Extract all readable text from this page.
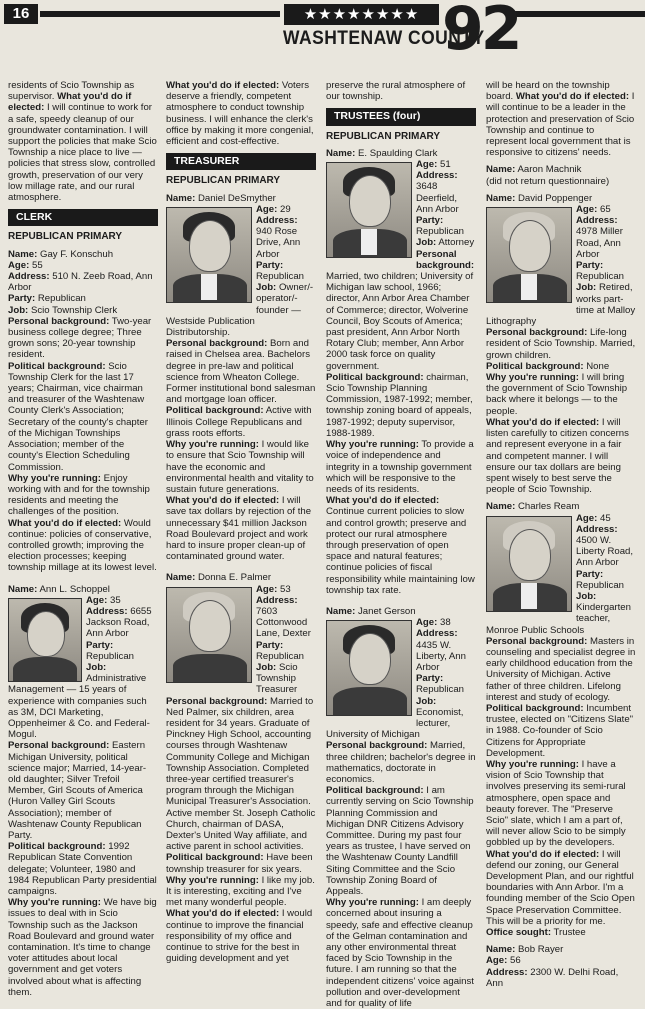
16	★★★★★★★★
WASHTENAW COUNTY
92

residents of Scio Township as supervisor. What you'd do if elected: I will continue to work for a safe, speedy cleanup of our groundwater contamination. I will support the policies that make Scio Township a nice place to live — policies that stress slow, controlled growth, preservation of our very low millage rate, and our rural atmosphere.

CLERK
REPUBLICAN PRIMARY

Name: Gay F. Konschuh

Age: 55

Address: 510 N. Zeeb Road, Ann Arbor

Party: Republican

Job: Scio Township Clerk

Personal background: Two-year business college degree; Three grown sons; 20-year township resident.

Political background: Scio Township Clerk for the last 17 years; Chairman, vice chairman and treasurer of the Washtenaw County Clerk's Association; Secretary of the county's chapter of the Michigan Townships Association; member of the county's Election Scheduling Commission.

Why you're running: Enjoy working with and for the township residents and meeting the challenges of the position.

What you'd do if elected: Would continue: policies of conservative, controlled growth; improving the election processes; keeping township millage at its lowest level.

Name: Ann L. Schoppel

Age: 35

Address: 6655 Jackson Road, Ann Arbor

Party: Republican

Job: Administrative Management — 15 years of experience with companies such as 3M, DCI Marketing, Oppenheimer & Co. and Federal-Mogul.

Personal background: Eastern Michigan University, political science major; Married, 14-year-old daughter; Silver Trefoil Member, Girl Scouts of America (Huron Valley Girl Scouts Association); member of Washtenaw County Republican Party.

Political background: 1992 Republican State Convention delegate; Volunteer, 1980 and 1984 Republican Party presidential campaigns.

Why you're running: We have big issues to deal with in Scio Township such as the Jackson Road Boulevard and ground water contamination. It's time to change voter attitudes about local government and get voters involved about what is affecting them.

What you'd do if elected: Voters deserve a friendly, competent atmosphere to conduct township business. I will enhance the clerk's office by making it more congenial, efficient and cost-effective.

TREASURER
REPUBLICAN PRIMARY

Name: Daniel DeSmyther

Age: 29

Address: 940 Rose Drive, Ann Arbor

Party: Republican

Job: Owner/-operator/-founder — Westside Publication Distributorship.

Personal background: Born and raised in Chelsea area. Bachelors degree in pre-law and political science from Wheaton College. Former institutional bond salesman and mortgage loan officer.

Political background: Active with Illinois College Republicans and grass roots efforts.

Why you're running: I would like to ensure that Scio Township will have the economic and environmental health and vitality to sustain future generations.

What you'd do if elected: I will save tax dollars by rejection of the unnecessary $41 million Jackson Road Boulevard project and work hard to insure proper clean-up of contaminated ground water.

Name: Donna E. Palmer

Age: 53

Address: 7603 Cottonwood Lane, Dexter

Party: Republican

Job: Scio Township Treasurer

Personal background: Married to Ned Palmer, six children, area resident for 34 years. Graduate of Pinckney High School, accounting courses through Washtenaw Community College and Michigan Township Association. Completed three-year certified treasurer's program through the Michigan Municipal Treasurer's Association. Active member St. Joseph Catholic Church, chairman of DASA, Dexter's United Way affiliate, and active parent in school activities.

Political background: Have been township treasurer for six years.

Why you're running: I like my job. It is interesting, exciting and I've met many wonderful people.

What you'd do if elected: I would continue to improve the financial responsibility of my office and continue to strive for the best in guiding development and yet

preserve the rural atmosphere of our township.

TRUSTEES (four)
REPUBLICAN PRIMARY

Name: E. Spaulding Clark

Age: 51

Address: 3648 Deerfield, Ann Arbor

Party: Republican

Job: Attorney

Personal background: Married, two children; University of Michigan law school, 1966; director, Ann Arbor Area Chamber of Commerce; director, Wolverine Council, Boy Scouts of America; past president, Ann Arbor North Rotary Club; member, Ann Arbor 2000 task force on quality government.

Political background: chairman, Scio Township Planning Commission, 1987-1992; member, township zoning board of appeals, 1987-1992; deputy supervisor, 1988-1989.

Why you're running: To provide a voice of independence and integrity in a township government which will be responsive to the needs of its residents.

What you'd do if elected: Continue current policies to slow and control growth; preserve and protect our rural atmosphere through preservation of open space and natural features; continue policies of fiscal responsibility while maintaining low township tax rate.

Name: Janet Gerson

Age: 38

Address: 4435 W. Liberty, Ann Arbor

Party: Republican

Job: Economist, lecturer, University of Michigan

Personal background: Married, three children; bachelor's degree in mathematics, doctorate in economics.

Political background: I am currently serving on Scio Township Planning Commission and Michigan DNR Citizens Advisory Committee. During my past four years as trustee, I have served on the Washtenaw County Landfill Siting Committee and the Scio Township Zoning Board of Appeals.

Why you're running: I am deeply concerned about insuring a speedy, safe and effective cleanup of the Gelman contamination and any other environmental threat faced by Scio Township in the future. I am running so that the independent citizens' voice against pollution and over-development and for quality of life

will be heard on the township board. What you'd do if elected: I will continue to be a leader in the protection and preservation of Scio Township and continue to represent local government that is responsive to citizens' needs.

Name: Aaron Machnik

(did not return questionnaire)

Name: David Poppenger

Age: 65

Address: 4978 Miller Road, Ann Arbor

Party: Republican

Job: Retired, works part-time at Malloy Lithography

Personal background: Life-long resident of Scio Township. Married, grown children.

Political background: None

Why you're running: I will bring the government of Scio Township back where it belongs — to the people.

What you'd do if elected: I will listen carefully to citizen concerns and represent everyone in a fair and competent manner. I will ensure our tax dollars are being spent wisely to best serve the people of Scio Township.

Name: Charles Ream

Age: 45

Address: 4500 W. Liberty Road, Ann Arbor

Party: Republican

Job: Kindergarten teacher, Monroe Public Schools

Personal background: Masters in counseling and specialist degree in early childhood education from the University of Michigan. Active father of three children. Lifelong interest and study of ecology.

Political background: Incumbent trustee, elected on "Citizens Slate" in 1988. Co-founder of Scio Citizens for Appropriate Development.

Why you're running: I have a vision of Scio Township that involves preserving its semi-rural atmosphere, open space and beauty forever. The "Preserve Scio" slate, which I am a part of, will never allow Scio to be simply gobbled up by the developers.

What you'd do if elected: I will defend our zoning, our General Development Plan, and our rightful boundaries with Ann Arbor. I'm a founding member of the Scio Open Space Preservation Committee. This will be a priority for me.

Office sought: Trustee

Name: Bob Rayer

Age: 56

Address: 2300 W. Delhi Road, Ann
